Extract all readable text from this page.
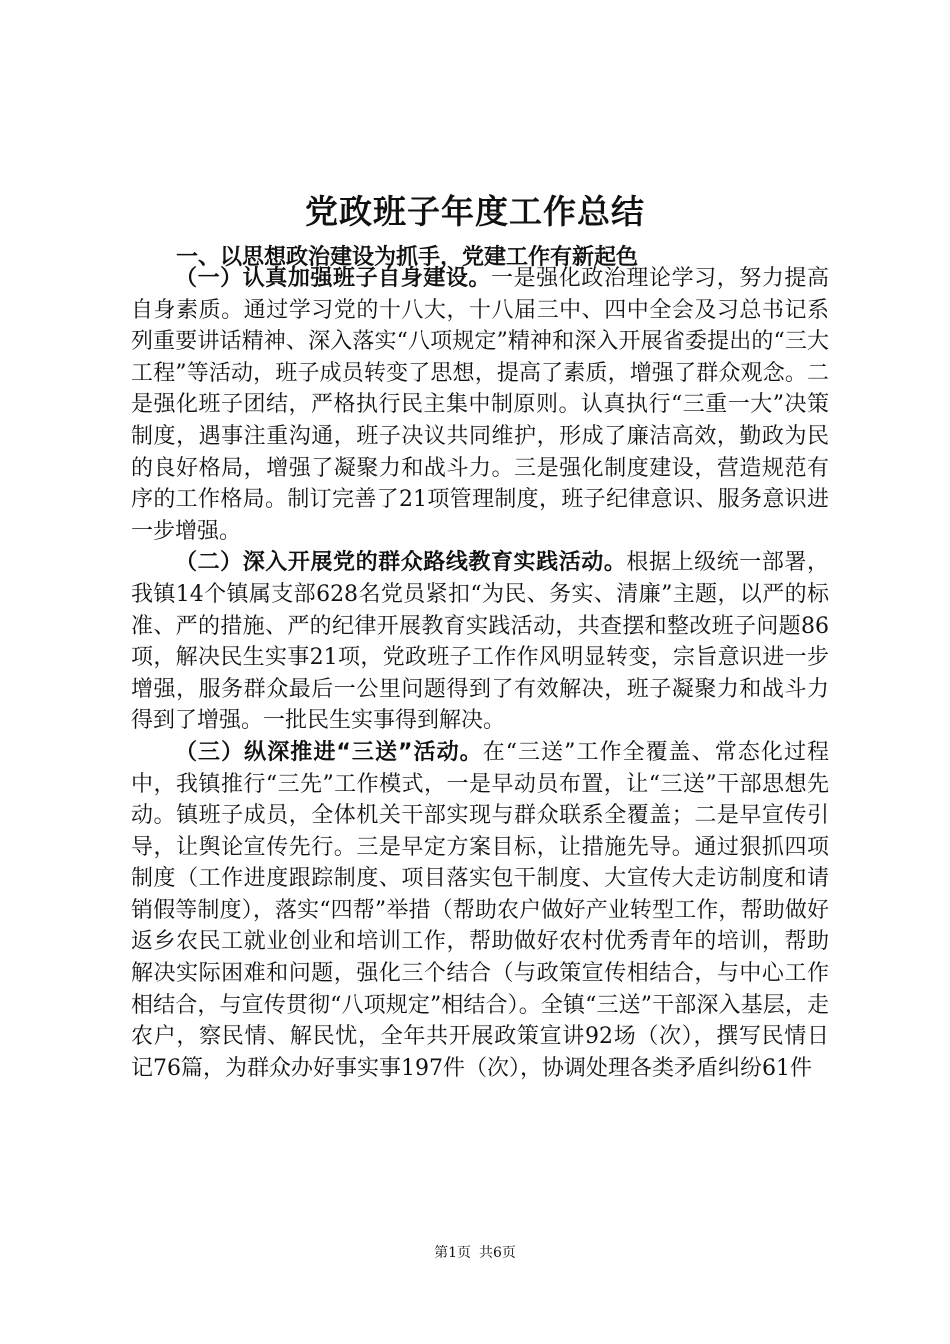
党政班子年度工作总结
一、以思想政治建设为抓手，党建工作有新起色

（一）认真加强班子自身建设。一是强化政治理论学习，努力提高自身素质。通过学习党的十八大，十八届三中、四中全会及习总书记系列重要讲话精神、深入落实“八项规定”精神和深入开展省委提出的“三大工程”等活动，班子成员转变了思想，提高了素质，增强了群众观念。二是强化班子团结，严格执行民主集中制原则。认真执行“三重一大”决策制度，遇事注重沟通，班子决议共同维护，形成了廉洁高效，勤政为民的良好格局，增强了凝聚力和战斗力。三是强化制度建设，营造规范有序的工作格局。制订完善了21项管理制度，班子纪律意识、服务意识进一步增强。

（二）深入开展党的群众路线教育实践活动。根据上级统一部署，我镇14个镇属支部628名党员紧扣“为民、务实、清廉”主题，以严的标准、严的措施、严的纪律开展教育实践活动，共查摆和整改班子问题86项，解决民生实事21项，党政班子工作作风明显转变，宗旨意识进一步增强，服务群众最后一公里问题得到了有效解决，班子凝聚力和战斗力得到了增强。一批民生实事得到解决。

（三）纵深推进“三送”活动。在“三送”工作全覆盖、常态化过程中，我镇推行“三先”工作模式，一是早动员布置，让“三送”干部思想先动。镇班子成员，全体机关干部实现与群众联系全覆盖；二是早宣传引导，让舆论宣传先行。三是早定方案目标，让措施先导。通过狠抓四项制度（工作进度跟踪制度、项目落实包干制度、大宣传大走访制度和请销假等制度），落实“四帮”举措（帮助农户做好产业转型工作，帮助做好返乡农民工就业创业和培训工作，帮助做好农村优秀青年的培训，帮助解决实际困难和问题，强化三个结合（与政策宣传相结合，与中心工作相结合，与宣传贯彻“八项规定”相结合）。全镇“三送”干部深入基层，走农户，察民情、解民忧，全年共开展政策宣讲92场（次），撰写民情日记76篇，为群众办好事实事197件（次），协调处理各类矛盾纠纷61件

第1页 共6页
